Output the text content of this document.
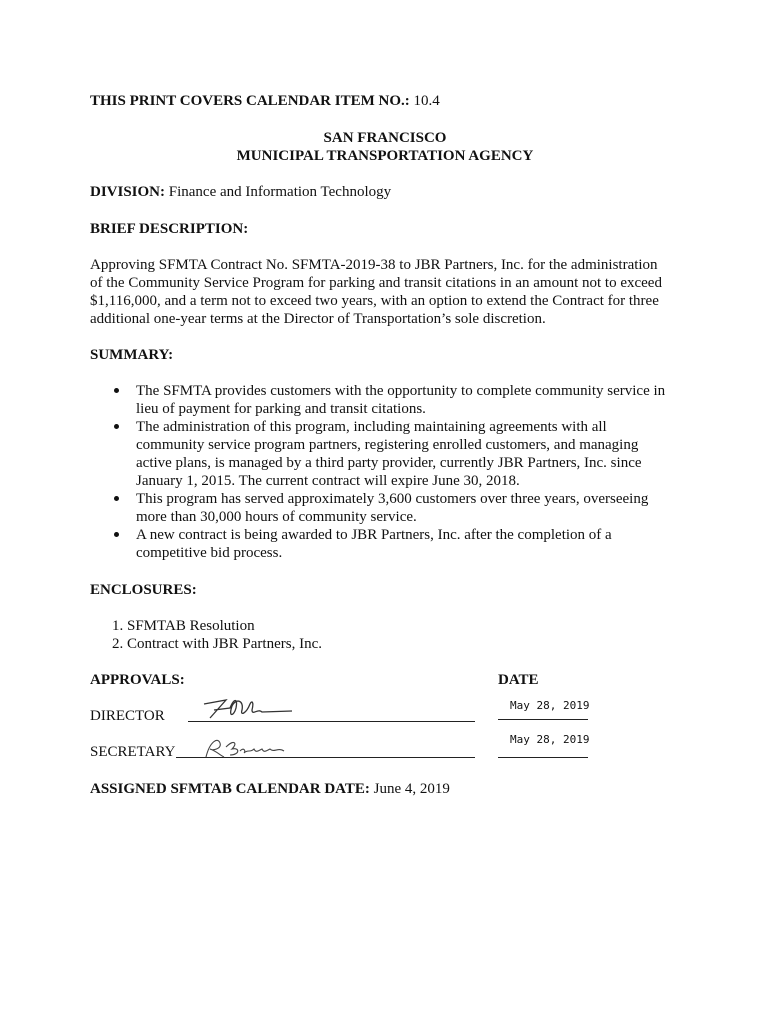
THIS PRINT COVERS CALENDAR ITEM NO.: 10.4
SAN FRANCISCO
MUNICIPAL TRANSPORTATION AGENCY
DIVISION: Finance and Information Technology
BRIEF DESCRIPTION:
Approving SFMTA Contract No. SFMTA-2019-38 to JBR Partners, Inc. for the administration
of the Community Service Program for parking and transit citations in an amount not to exceed
$1,116,000, and a term not to exceed two years, with an option to extend the Contract for three
additional one-year terms at the Director of Transportation’s sole discretion.
SUMMARY:
The SFMTA provides customers with the opportunity to complete community service in
lieu of payment for parking and transit citations.
The administration of this program, including maintaining agreements with all
community service program partners, registering enrolled customers, and managing
active plans, is managed by a third party provider, currently JBR Partners, Inc. since
January 1, 2015. The current contract will expire June 30, 2018.
This program has served approximately 3,600 customers over three years, overseeing
more than 30,000 hours of community service.
A new contract is being awarded to JBR Partners, Inc. after the completion of a
competitive bid process.
ENCLOSURES:
1. SFMTAB Resolution
2. Contract with JBR Partners, Inc.
APPROVALS:	DATE
DIRECTOR
May 28, 2019
SECRETARY
May 28, 2019
ASSIGNED SFMTAB CALENDAR DATE: June 4, 2019
